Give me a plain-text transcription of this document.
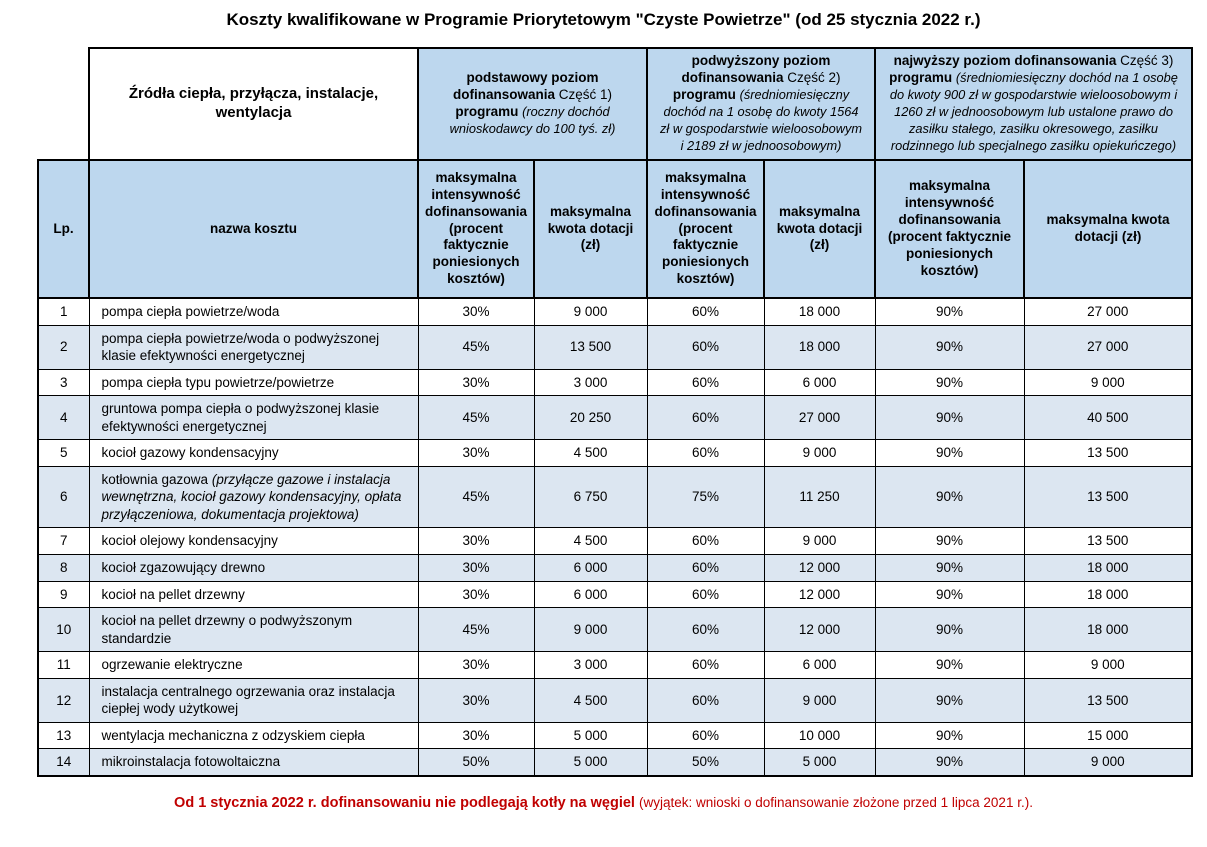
Koszty kwalifikowane w Programie Priorytetowym "Czyste Powietrze" (od 25 stycznia 2022 r.)
	Źródła ciepła, przyłącza, instalacje, wentylacja	podstawowy poziom dofinansowania Część 1) programu (roczny dochód wnioskodawcy do 100 tyś. zł)		podwyższony poziom dofinansowania Część 2) programu (średniomiesięczny dochód na 1 osobę do kwoty 1564 zł w gospodarstwie wieloosobowym i 2189 zł w jednoosobowym)		najwyższy poziom dofinansowania Część 3) programu (średniomiesięczny dochód na 1 osobę do kwoty 900 zł w gospodarstwie wieloosobowym i 1260 zł w jednoosobowym lub ustalone prawo do zasiłku stałego, zasiłku okresowego, zasiłku rodzinnego lub specjalnego zasiłku opiekuńczego)	
Lp.	nazwa kosztu	maksymalna intensywność dofinansowania (procent faktycznie poniesionych kosztów)	maksymalna kwota dotacji (zł)	maksymalna intensywność dofinansowania (procent faktycznie poniesionych kosztów)	maksymalna kwota dotacji (zł)	maksymalna intensywność dofinansowania (procent faktycznie poniesionych kosztów)	maksymalna kwota dotacji (zł)
1	pompa ciepła powietrze/woda	30%	9 000	60%	18 000	90%	27 000
2	pompa ciepła powietrze/woda o podwyższonej klasie efektywności energetycznej	45%	13 500	60%	18 000	90%	27 000
3	pompa ciepła typu powietrze/powietrze	30%	3 000	60%	6 000	90%	9 000
4	gruntowa pompa ciepła o podwyższonej klasie efektywności energetycznej	45%	20 250	60%	27 000	90%	40 500
5	kocioł gazowy kondensacyjny	30%	4 500	60%	9 000	90%	13 500
6	kotłownia gazowa (przyłącze gazowe i instalacja wewnętrzna, kocioł gazowy kondensacyjny, opłata przyłączeniowa, dokumentacja projektowa)	45%	6 750	75%	11 250	90%	13 500
7	kocioł olejowy kondensacyjny	30%	4 500	60%	9 000	90%	13 500
8	kocioł zgazowujący drewno	30%	6 000	60%	12 000	90%	18 000
9	kocioł na pellet drzewny	30%	6 000	60%	12 000	90%	18 000
10	kocioł na pellet drzewny o podwyższonym standardzie	45%	9 000	60%	12 000	90%	18 000
11	ogrzewanie elektryczne	30%	3 000	60%	6 000	90%	9 000
12	instalacja centralnego ogrzewania oraz instalacja ciepłej wody użytkowej	30%	4 500	60%	9 000	90%	13 500
13	wentylacja mechaniczna z odzyskiem ciepła	30%	5 000	60%	10 000	90%	15 000
14	mikroinstalacja fotowoltaiczna	50%	5 000	50%	5 000	90%	9 000
Od 1 stycznia 2022 r. dofinansowaniu nie podlegają kotły na węgiel (wyjątek: wnioski o dofinansowanie złożone przed 1 lipca 2021 r.).
